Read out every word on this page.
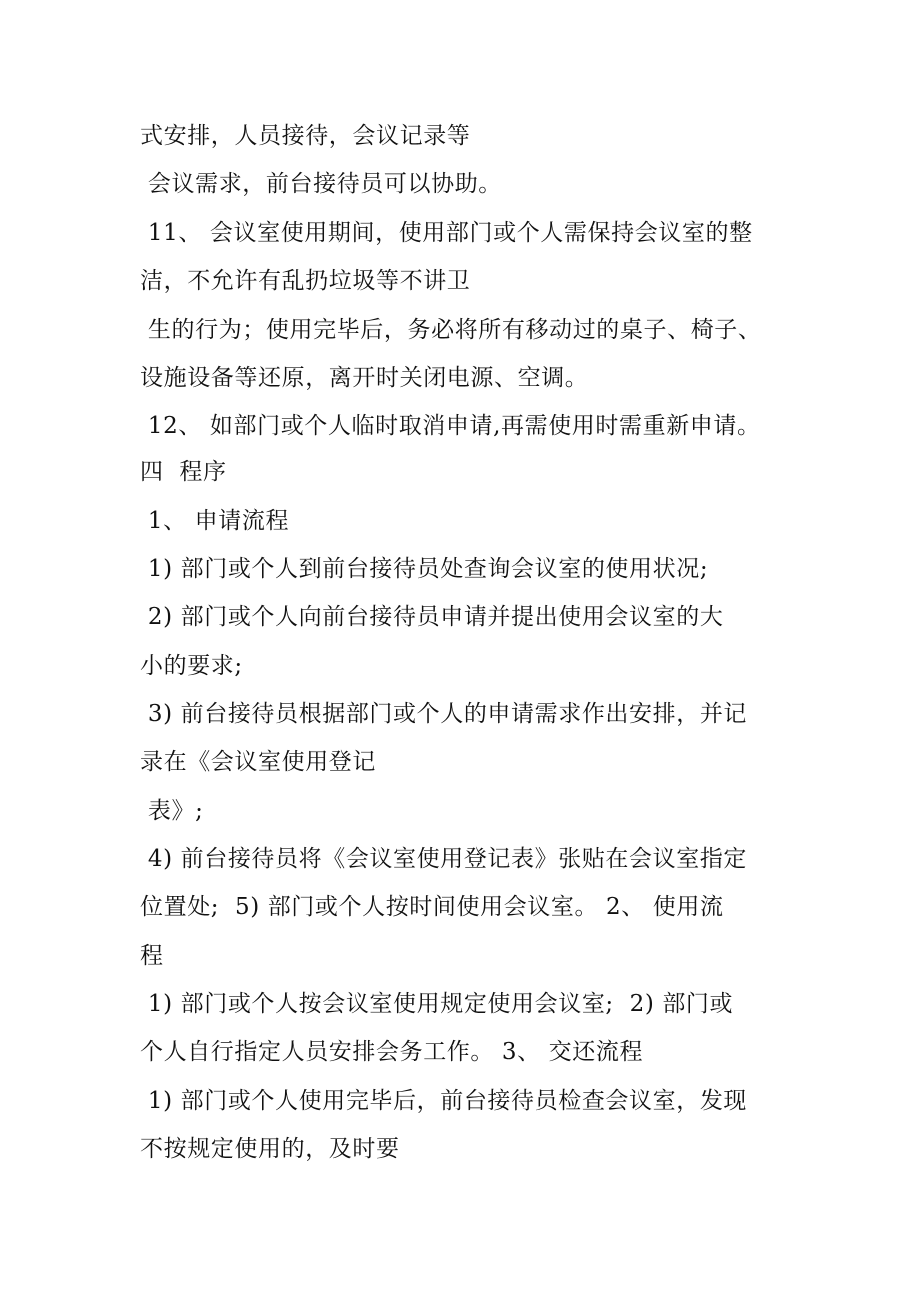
式安排，人员接待，会议记录等
会议需求，前台接待员可以协助。
11、 会议室使用期间，使用部门或个人需保持会议室的整
洁，不允许有乱扔垃圾等不讲卫
生的行为；使用完毕后，务必将所有移动过的桌子、椅子、
设施设备等还原，离开时关闭电源、空调。
12、 如部门或个人临时取消申请,再需使用时需重新申请。
四  程序
1、 申请流程
1) 部门或个人到前台接待员处查询会议室的使用状况;
2) 部门或个人向前台接待员申请并提出使用会议室的大
小的要求;
3) 前台接待员根据部门或个人的申请需求作出安排，并记
录在《会议室使用登记
表》;
4) 前台接待员将《会议室使用登记表》张贴在会议室指定
位置处;  5) 部门或个人按时间使用会议室。 2、 使用流
程
1) 部门或个人按会议室使用规定使用会议室;  2) 部门或
个人自行指定人员安排会务工作。 3、 交还流程
1) 部门或个人使用完毕后，前台接待员检查会议室，发现
不按规定使用的，及时要
